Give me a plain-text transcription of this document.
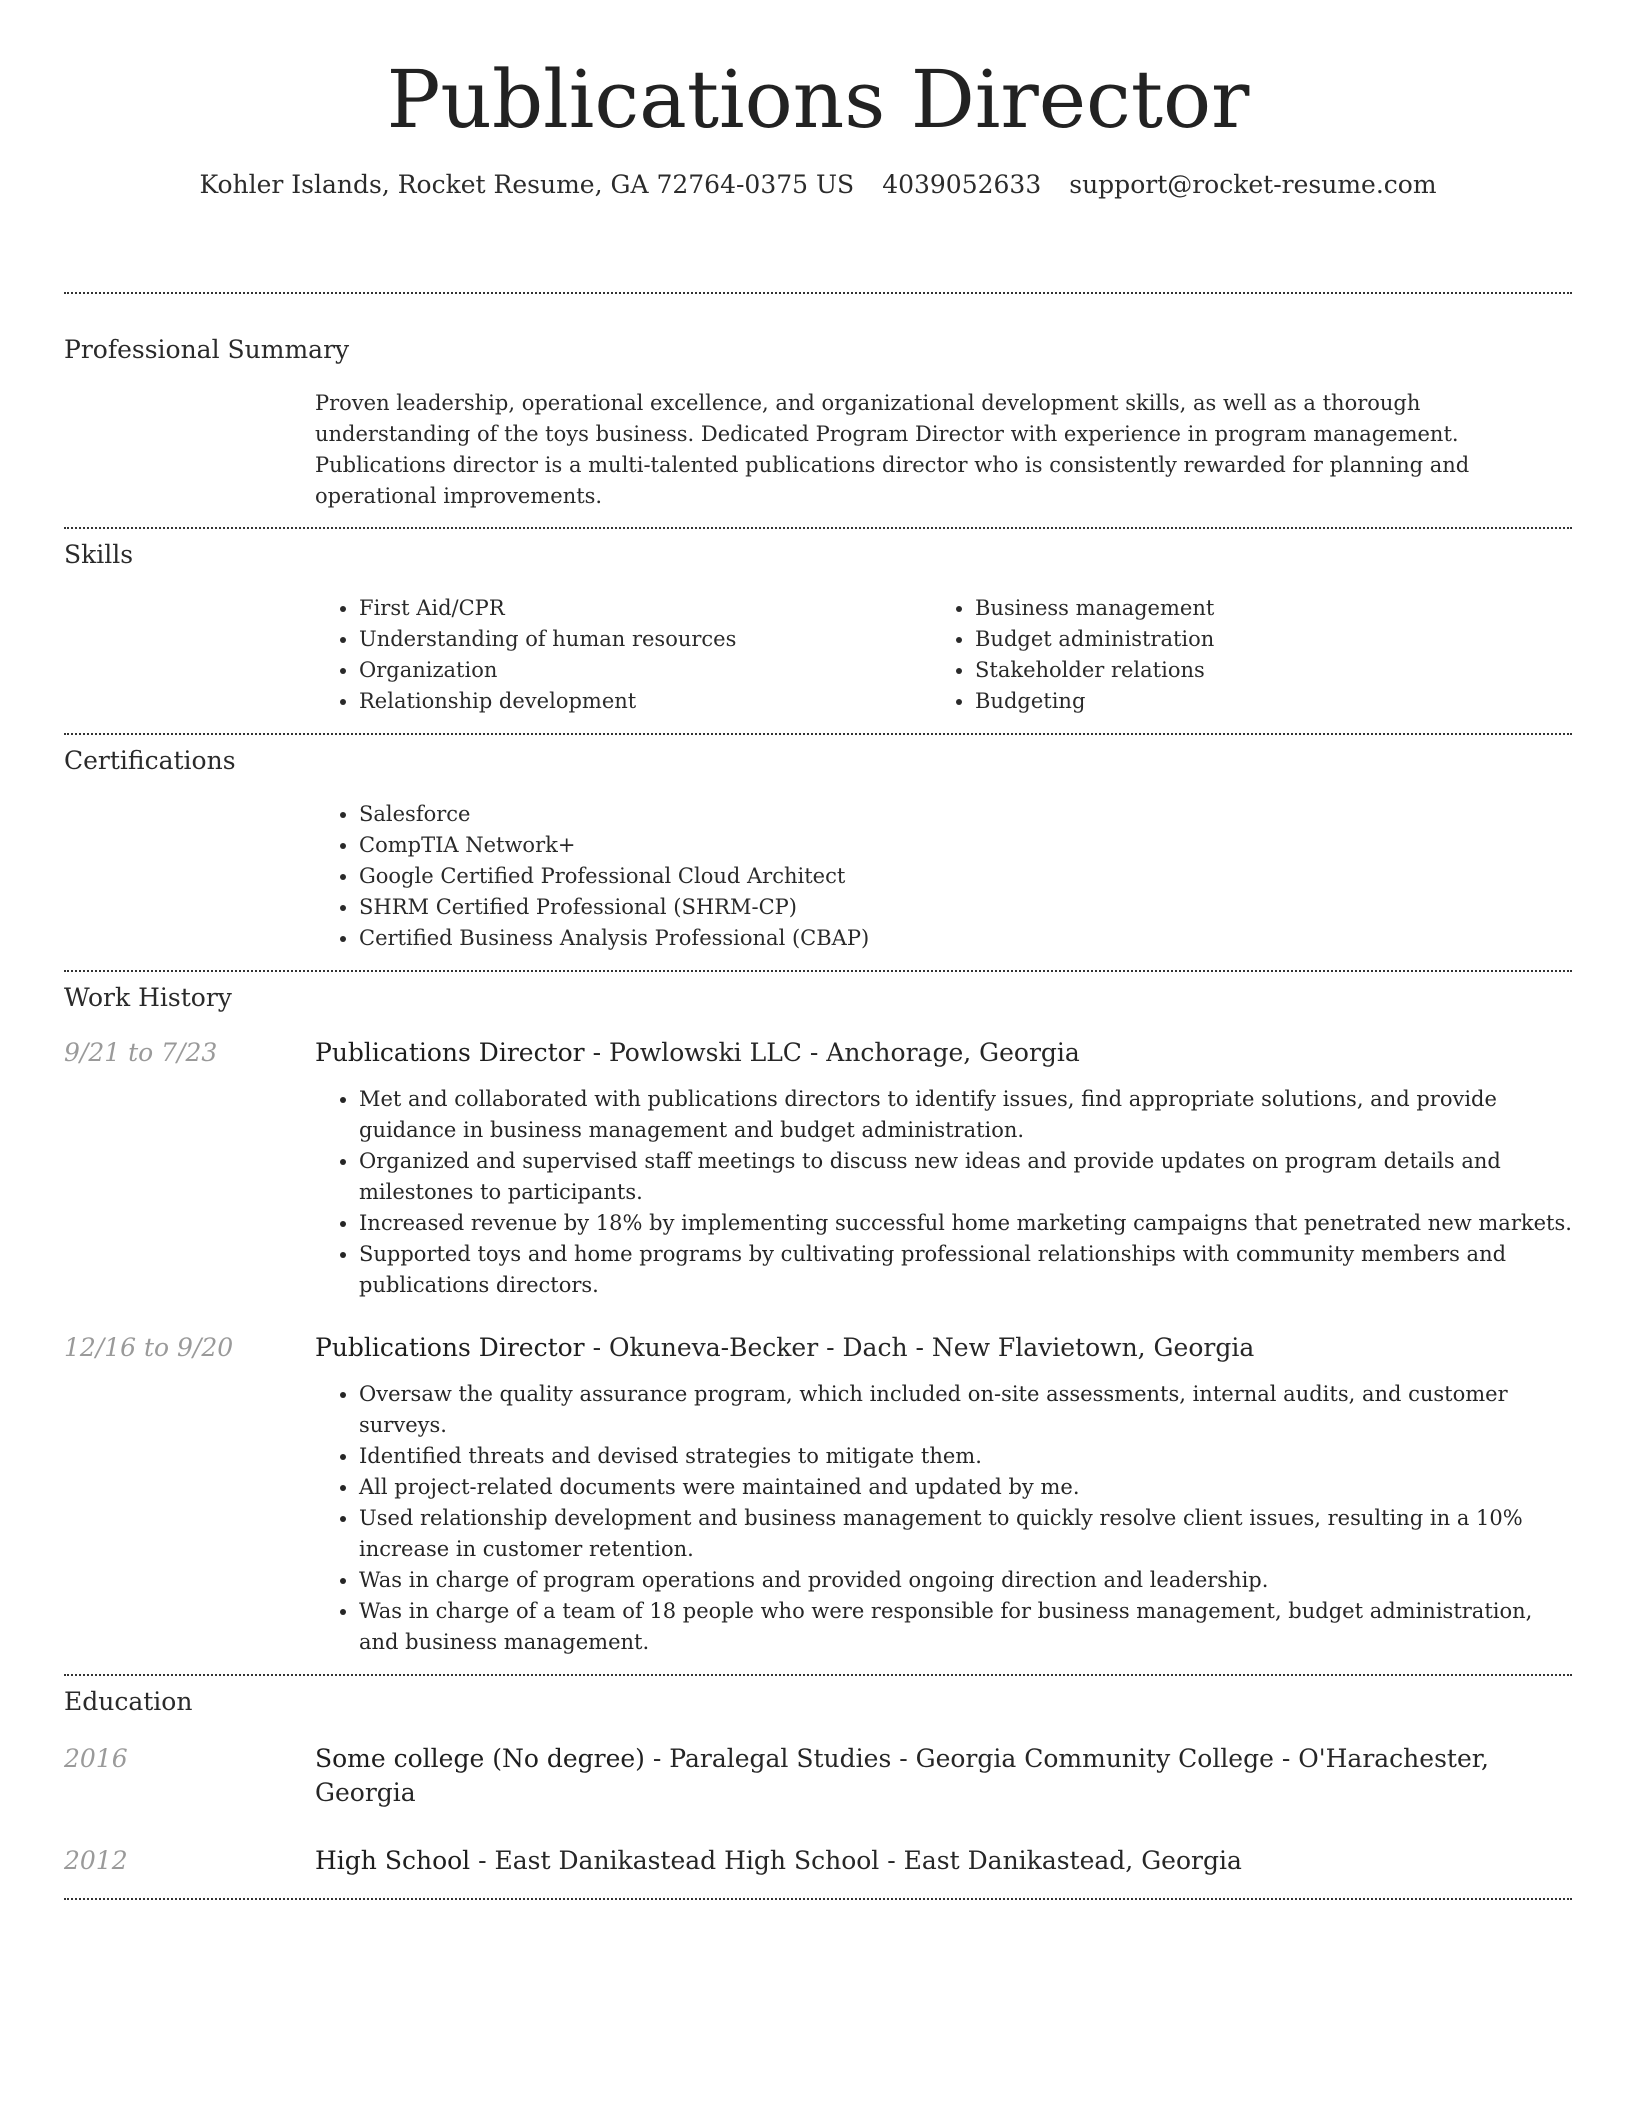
Publications Director
Kohler Islands, Rocket Resume, GA 72764-0375 US 4039052633 support@rocket-resume.com
Professional Summary

Proven leadership, operational excellence, and organizational development skills, as well as a thorough understanding of the toys business. Dedicated Program Director with experience in program management. Publications director is a multi-talented publications director who is consistently rewarded for planning and operational improvements.

Skills
• First Aid/CPR
• Understanding of human resources
• Organization
• Relationship development
• Business management
• Budget administration
• Stakeholder relations
• Budgeting
Certifications
• Salesforce
• CompTIA Network+
• Google Certified Professional Cloud Architect
• SHRM Certified Professional (SHRM-CP)
• Certified Business Analysis Professional (CBAP)
Work History
9/21 to 7/23	Publications Director - Powlowski LLC - Anchorage, Georgia

• Met and collaborated with publications directors to identify issues, find appropriate solutions, and provide guidance in business management and budget administration.
• Organized and supervised staff meetings to discuss new ideas and provide updates on program details and milestones to participants.
• Increased revenue by 18% by implementing successful home marketing campaigns that penetrated new markets.
• Supported toys and home programs by cultivating professional relationships with community members and publications directors.
12/16 to 9/20	Publications Director - Okuneva-Becker - Dach - New Flavietown, Georgia

• Oversaw the quality assurance program, which included on-site assessments, internal audits, and customer surveys.
• Identified threats and devised strategies to mitigate them.
• All project-related documents were maintained and updated by me.
• Used relationship development and business management to quickly resolve client issues, resulting in a 10% increase in customer retention.
• Was in charge of program operations and provided ongoing direction and leadership.
• Was in charge of a team of 18 people who were responsible for business management, budget administration, and business management.
Education
2016	Some college (No degree) - Paralegal Studies - Georgia Community College - O'Harachester, Georgia

2012	High School - East Danikastead High School - East Danikastead, Georgia
